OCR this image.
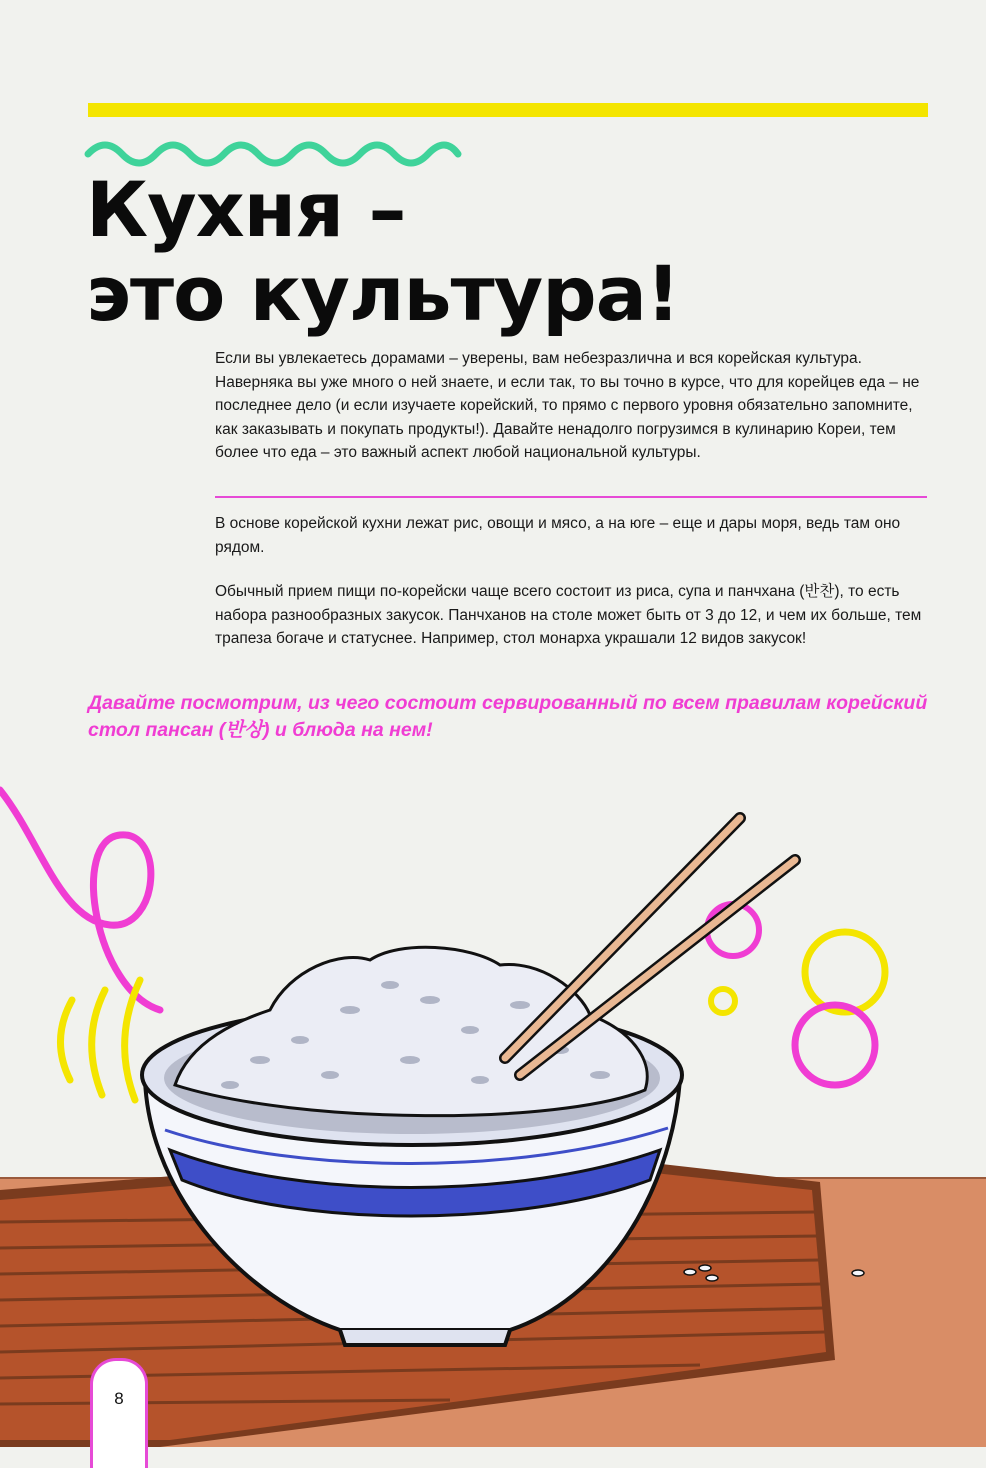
Кухня –
это культура!

Если вы увлекаетесь дорамами – уверены, вам небезразлична и вся корейская культура. Наверняка вы уже много о ней знаете, и если так, то вы точно в курсе, что для корейцев еда – не последнее дело (и если изучаете корейский, то прямо с первого уровня обязательно запомните, как заказывать и покупать продукты!). Давайте ненадолго погрузимся в кулинарию Кореи, тем более что еда – это важный аспект любой национальной культуры.

В основе корейской кухни лежат рис, овощи и мясо, а на юге – еще и дары моря, ведь там оно рядом.

Обычный прием пищи по-корейски чаще всего состоит из риса, супа и панчхана (반찬), то есть набора разнообразных закусок. Панчханов на столе может быть от 3 до 12, и чем их больше, тем трапеза богаче и статуснее. Например, стол монарха украшали 12 видов закусок!

Давайте посмотрим, из чего состоит сервированный по всем правилам корейский стол пансан (반상) и блюда на нем!

8
